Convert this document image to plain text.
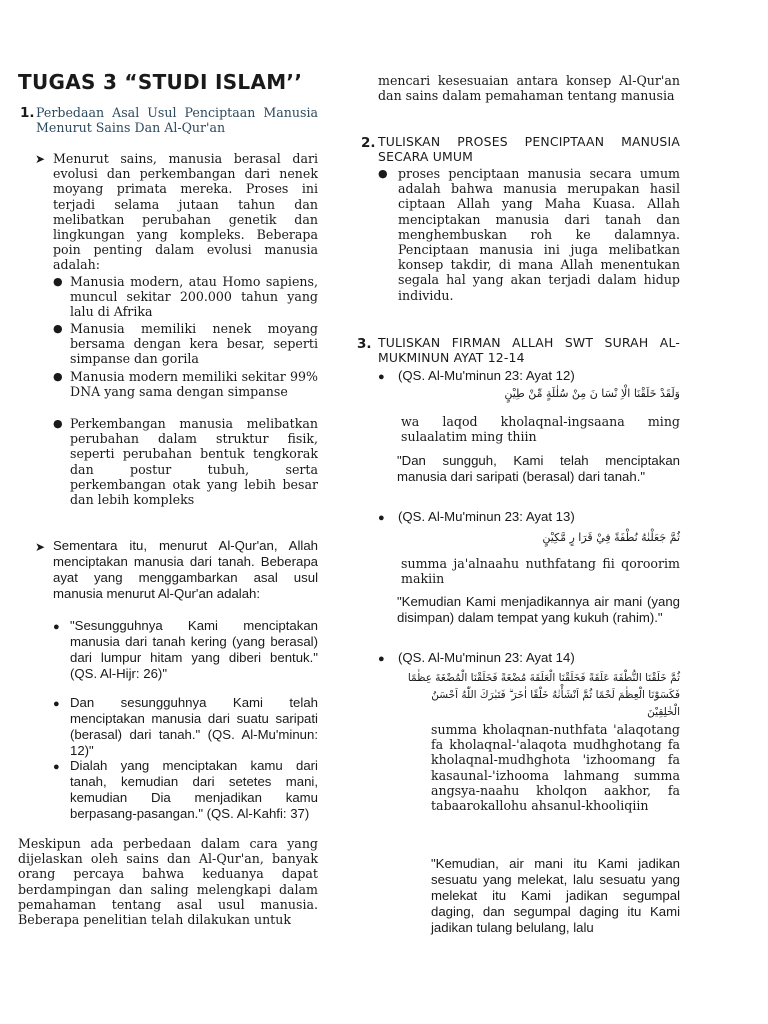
TUGAS 3 “STUDI ISLAM’’
1. Perbedaan Asal Usul Penciptaan Manusia Menurut Sains Dan Al-Qur'an
➤ Menurut sains, manusia berasal dari evolusi dan perkembangan dari nenek moyang primata mereka. Proses ini terjadi selama jutaan tahun dan melibatkan perubahan genetik dan lingkungan yang kompleks. Beberapa poin penting dalam evolusi manusia adalah:
● Manusia modern, atau Homo sapiens, muncul sekitar 200.000 tahun yang lalu di Afrika
● Manusia memiliki nenek moyang bersama dengan kera besar, seperti simpanse dan gorila
● Manusia modern memiliki sekitar 99% DNA yang sama dengan simpanse
● Perkembangan manusia melibatkan perubahan dalam struktur fisik, seperti perubahan bentuk tengkorak dan postur tubuh, serta perkembangan otak yang lebih besar dan lebih kompleks
➤ Sementara itu, menurut Al-Qur'an, Allah menciptakan manusia dari tanah. Beberapa ayat yang menggambarkan asal usul manusia menurut Al-Qur'an adalah:
● "Sesungguhnya Kami menciptakan manusia dari tanah kering (yang berasal) dari lumpur hitam yang diberi bentuk." (QS. Al-Hijr: 26)"
● Dan sesungguhnya Kami telah menciptakan manusia dari suatu saripati (berasal) dari tanah." (QS. Al-Mu'minun: 12)"
● Dialah yang menciptakan kamu dari tanah, kemudian dari setetes mani, kemudian Dia menjadikan kamu berpasang-pasangan." (QS. Al-Kahfi: 37)
Meskipun ada perbedaan dalam cara yang dijelaskan oleh sains dan Al-Qur'an, banyak orang percaya bahwa keduanya dapat berdampingan dan saling melengkapi dalam pemahaman tentang asal usul manusia. Beberapa penelitian telah dilakukan untuk
mencari kesesuaian antara konsep Al-Qur'an dan sains dalam pemahaman tentang manusia
2. TULISKAN PROSES PENCIPTAAN MANUSIA SECARA UMUM
● proses penciptaan manusia secara umum adalah bahwa manusia merupakan hasil ciptaan Allah yang Maha Kuasa. Allah menciptakan manusia dari tanah dan menghembuskan roh ke dalamnya. Penciptaan manusia ini juga melibatkan konsep takdir, di mana Allah menentukan segala hal yang akan terjadi dalam hidup individu.
3. TULISKAN FIRMAN ALLAH SWT SURAH AL-MUKMINUN AYAT 12-14
● (QS. Al-Mu'minun 23: Ayat 12)
وَلَقَدْ خَلَقْنَا الْاِ نْسَا نَ مِنْ سُلٰلَةٍ مِّنْ طِيْنٍ
wa laqod kholaqnal-ingsaana ming sulaalatim ming thiin
"Dan sungguh, Kami telah menciptakan manusia dari saripati (berasal) dari tanah."
● (QS. Al-Mu'minun 23: Ayat 13)
ثُمَّ جَعَلْنٰهُ نُطْفَةً فِيْ قَرَا رٍ مَّكِيْنٍ
summa ja'alnaahu nuthfatang fii qoroorim makiin
"Kemudian Kami menjadikannya air mani (yang disimpan) dalam tempat yang kukuh (rahim)."
● (QS. Al-Mu'minun 23: Ayat 14)
ثُمَّ خَلَقْنَا النُّطْفَةَ عَلَقَةً فَخَلَقْنَا الْعَلَقَةَ مُضْغَةً فَخَلَقْنَا الْمُضْغَةَ عِظٰمًا فَكَسَوْنَا الْعِظٰمَ لَحْمًا ثُمَّ اَنْشَأْنٰهُ خَلْقًا اٰخَرَ ۗ فَتَبٰرَكَ اللّٰهُ اَحْسَنُ الْخٰلِقِيْنَ
summa kholaqnan-nuthfata 'alaqotang fa kholaqnal-'alaqota mudhghotang fa kholaqnal-mudhghota 'izhoomang fa kasaunal-'izhooma lahmang summa angsya-naahu kholqon aakhor, fa tabaarokallohu ahsanul-khooliqiin
"Kemudian, air mani itu Kami jadikan sesuatu yang melekat, lalu sesuatu yang melekat itu Kami jadikan segumpal daging, dan segumpal daging itu Kami jadikan tulang belulang, lalu
